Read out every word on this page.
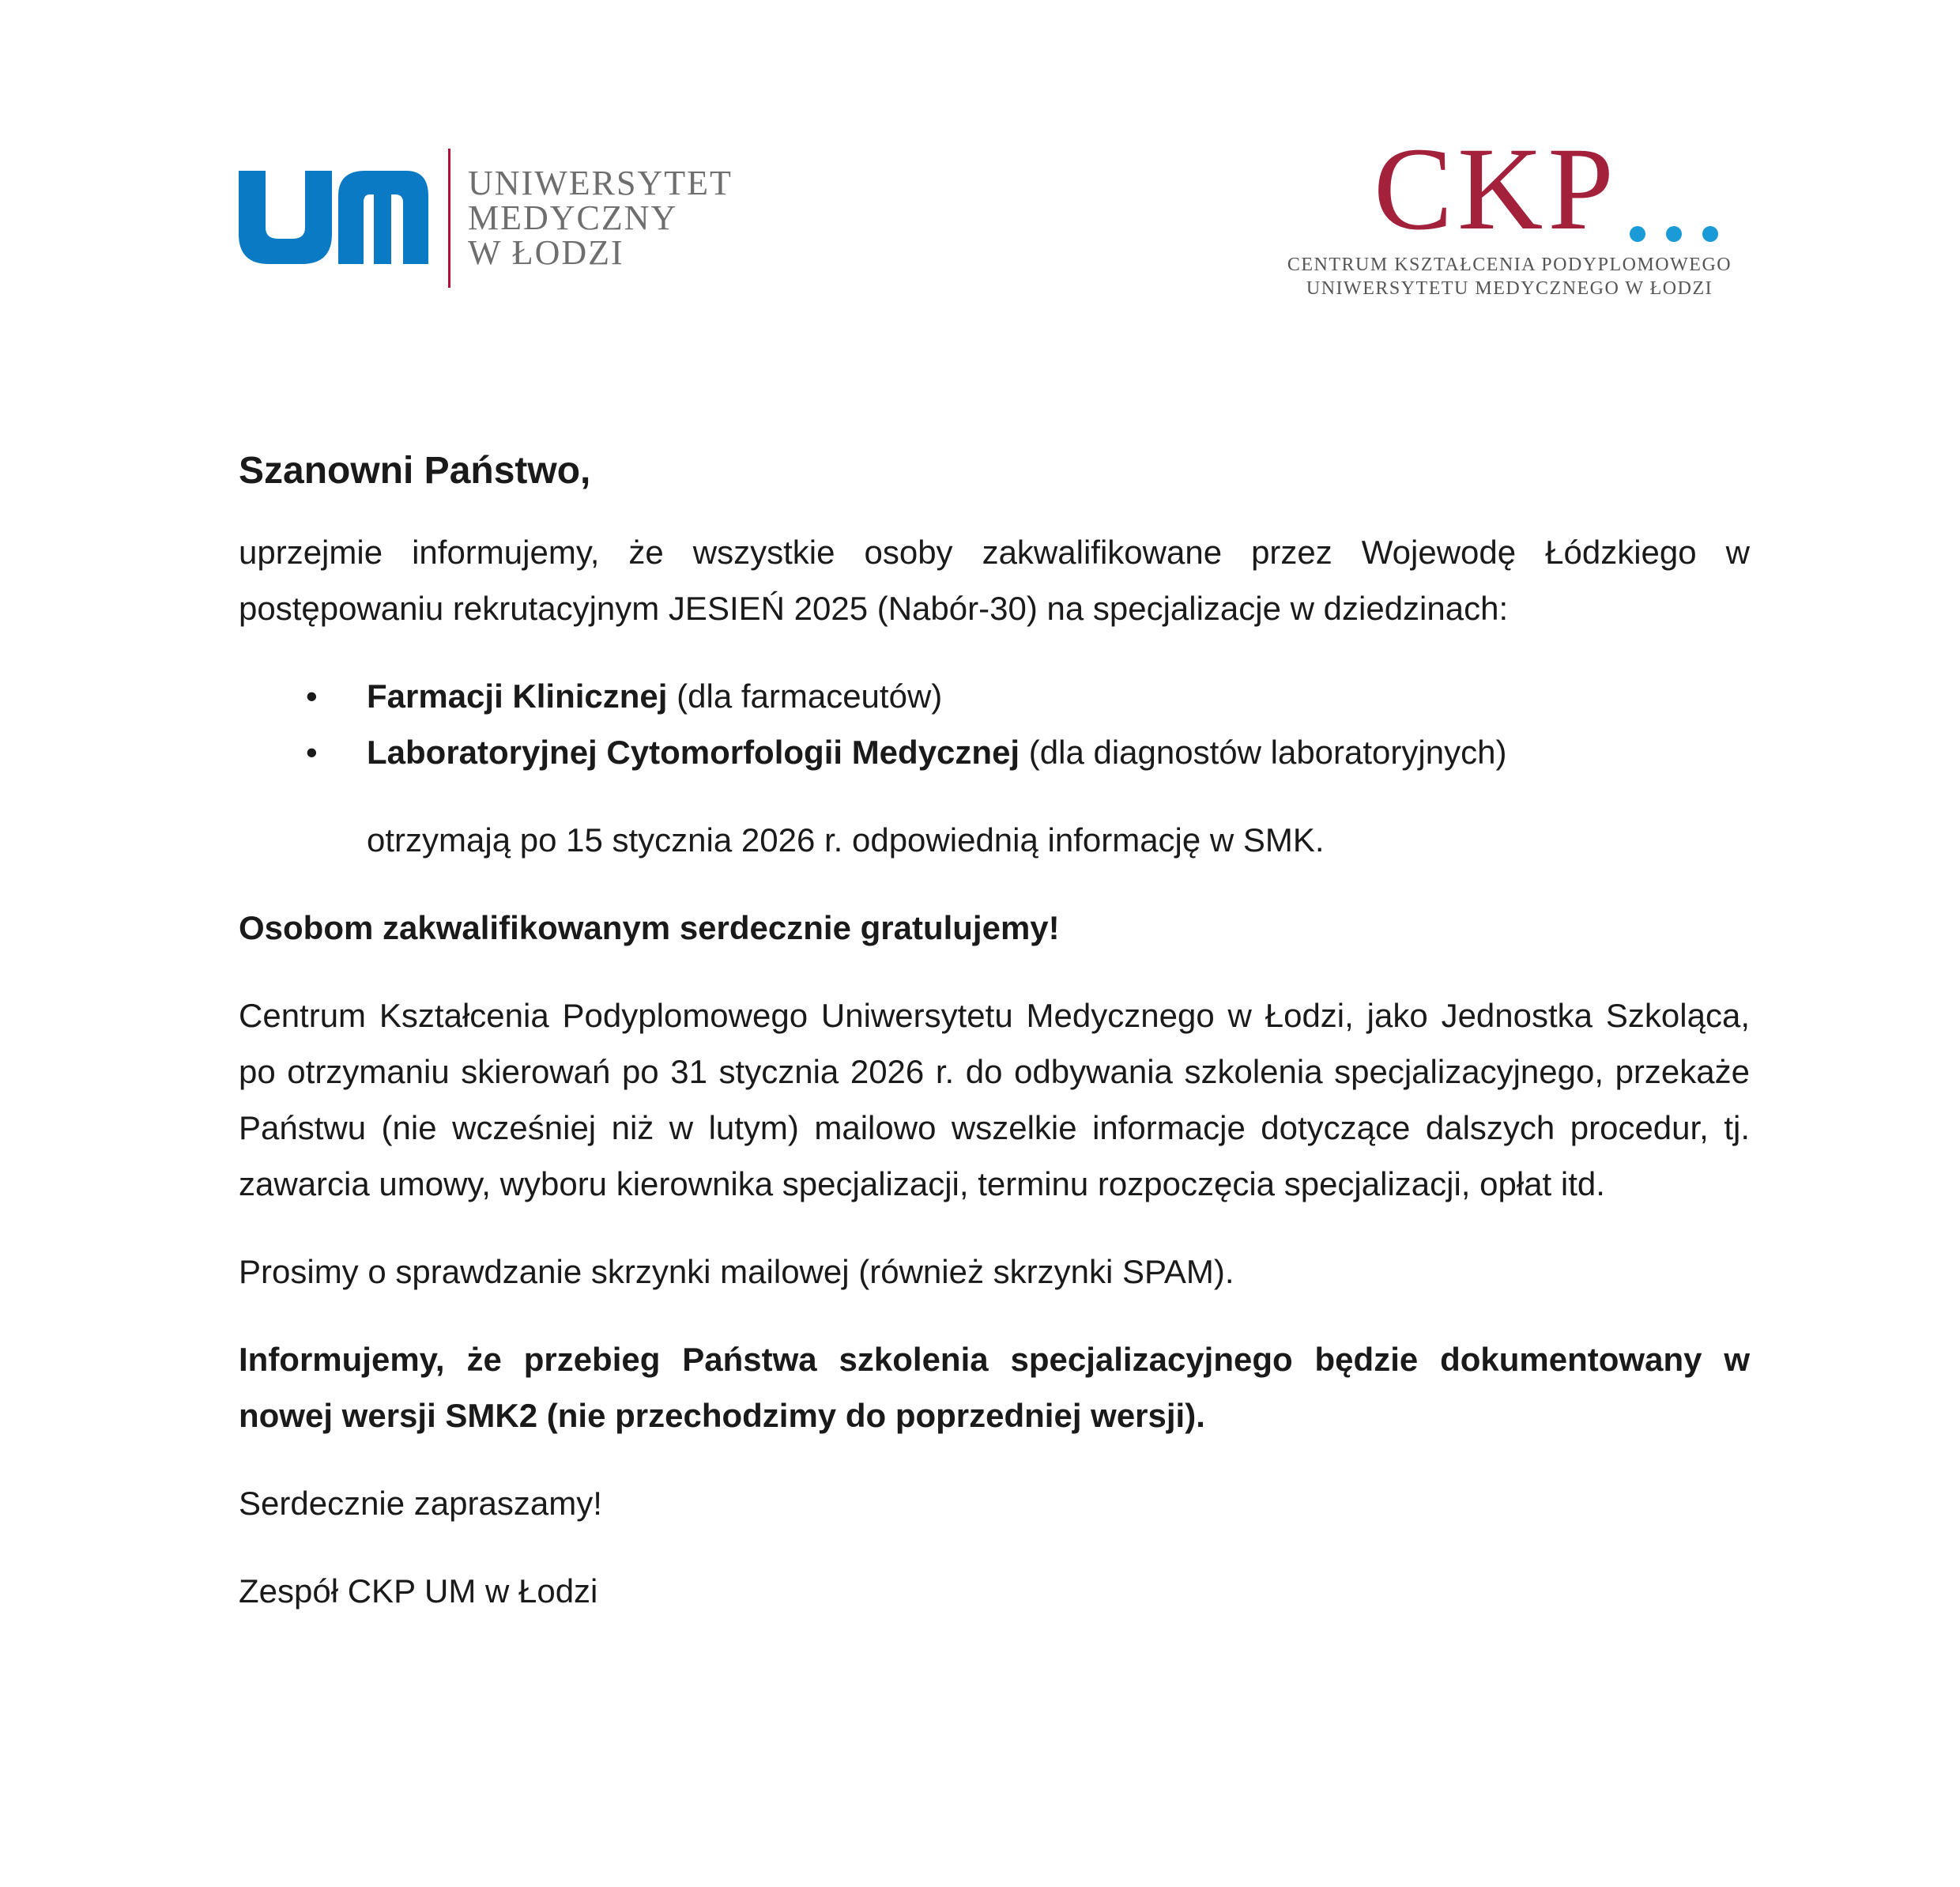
UNIWERSYTET
MEDYCZNY
W ŁODZI	CKP
CENTRUM KSZTAŁCENIA PODYPLOMOWEGO
UNIWERSYTETU MEDYCZNEGO W ŁODZI

Szanowni Państwo,

uprzejmie informujemy, że wszystkie osoby zakwalifikowane przez Wojewodę Łódzkiego w postępowaniu rekrutacyjnym JESIEŃ 2025 (Nabór-30) na specjalizacje w dziedzinach:

• Farmacji Klinicznej (dla farmaceutów)
• Laboratoryjnej Cytomorfologii Medycznej (dla diagnostów laboratoryjnych)

otrzymają po 15 stycznia 2026 r. odpowiednią informację w SMK.

Osobom zakwalifikowanym serdecznie gratulujemy!

Centrum Kształcenia Podyplomowego Uniwersytetu Medycznego w Łodzi, jako Jednostka Szkoląca, po otrzymaniu skierowań po 31 stycznia 2026 r. do odbywania szkolenia specjalizacyjnego, przekaże Państwu (nie wcześniej niż w lutym) mailowo wszelkie informacje dotyczące dalszych procedur, tj. zawarcia umowy, wyboru kierownika specjalizacji, terminu rozpoczęcia specjalizacji, opłat itd.

Prosimy o sprawdzanie skrzynki mailowej (również skrzynki SPAM).

Informujemy, że przebieg Państwa szkolenia specjalizacyjnego będzie dokumentowany w nowej wersji SMK2 (nie przechodzimy do poprzedniej wersji).

Serdecznie zapraszamy!

Zespół CKP UM w Łodzi
